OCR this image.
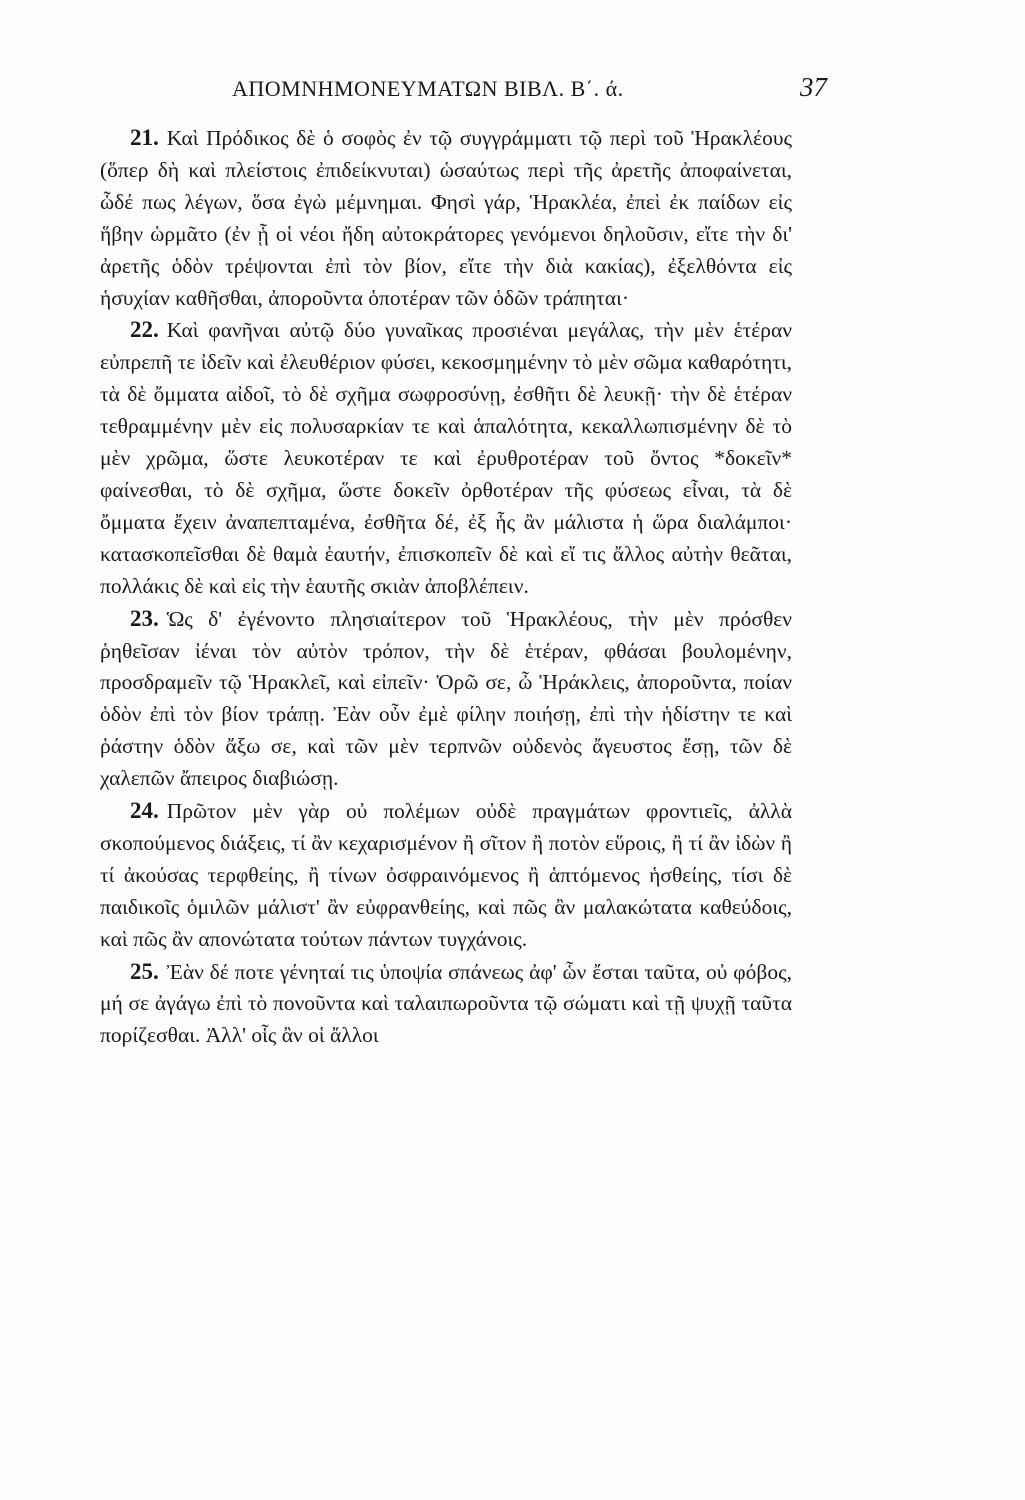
ΑΠΟΜΝΗΜΟΝΕΥΜΑΤΩΝ ΒΙΒΛ. Β΄. ά.	37

21. Καὶ Πρόδικος δὲ ὁ σοφὸς ἐν τῷ συγγράμματι τῷ περὶ τοῦ Ἡρακλέους (ὅπερ δὴ καὶ πλείστοις ἐπιδείκνυται) ὡσαύτως περὶ τῆς ἀρετῆς ἀποφαίνεται, ὧδέ πως λέγων, ὅσα ἐγὼ μέμνημαι. Φησὶ γάρ, Ἡρακλέα, ἐπεὶ ἐκ παίδων εἰς ἥβην ὡρμᾶτο (ἐν ᾗ οἱ νέοι ἤδη αὐτοκράτορες γενόμενοι δηλοῦσιν, εἴτε τὴν δι' ἀρετῆς ὁδὸν τρέψονται ἐπὶ τὸν βίον, εἴτε τὴν διὰ κακίας), ἐξελθόντα εἰς ἡσυχίαν καθῆσθαι, ἀποροῦντα ὁποτέραν τῶν ὁδῶν τράπηται·

22. Καὶ φανῆναι αὐτῷ δύο γυναῖκας προσιέναι μεγάλας, τὴν μὲν ἑτέραν εὐπρεπῆ τε ἰδεῖν καὶ ἐλευθέριον φύσει, κεκοσμημένην τὸ μὲν σῶμα καθαρότητι, τὰ δὲ ὄμματα αἰδοῖ, τὸ δὲ σχῆμα σωφροσύνῃ, ἐσθῆτι δὲ λευκῇ· τὴν δὲ ἑτέραν τεθραμμένην μὲν εἰς πολυσαρκίαν τε καὶ ἁπαλότητα, κεκαλλωπισμένην δὲ τὸ μὲν χρῶμα, ὥστε λευκοτέραν τε καὶ ἐρυθροτέραν τοῦ ὄντος *δοκεῖν* φαίνεσθαι, τὸ δὲ σχῆμα, ὥστε δοκεῖν ὀρθοτέραν τῆς φύσεως εἶναι, τὰ δὲ ὄμματα ἔχειν ἀναπεπταμένα, ἐσθῆτα δέ, ἐξ ἧς ἂν μάλιστα ἡ ὥρα διαλάμποι· κατασκοπεῖσθαι δὲ θαμὰ ἑαυτήν, ἐπισκοπεῖν δὲ καὶ εἴ τις ἄλλος αὐτὴν θεᾶται, πολλάκις δὲ καὶ εἰς τὴν ἑαυτῆς σκιὰν ἀποβλέπειν.

23. Ὡς δ' ἐγένοντο πλησιαίτερον τοῦ Ἡρακλέους, τὴν μὲν πρόσθεν ῥηθεῖσαν ἰέναι τὸν αὐτὸν τρόπον, τὴν δὲ ἑτέραν, φθάσαι βουλομένην, προσδραμεῖν τῷ Ἡρακλεῖ, καὶ εἰπεῖν· Ὁρῶ σε, ὦ Ἡράκλεις, ἀποροῦντα, ποίαν ὁδὸν ἐπὶ τὸν βίον τράπῃ. Ἐὰν οὖν ἐμὲ φίλην ποιήσῃ, ἐπὶ τὴν ἡδίστην τε καὶ ῥάστην ὁδὸν ἄξω σε, καὶ τῶν μὲν τερπνῶν οὐδενὸς ἄγευστος ἔσῃ, τῶν δὲ χαλεπῶν ἄπειρος διαβιώσῃ.

24. Πρῶτον μὲν γὰρ οὐ πολέμων οὐδὲ πραγμάτων φροντιεῖς, ἀλλὰ σκοπούμενος διάξεις, τί ἂν κεχαρισμένον ἢ σῖτον ἢ ποτὸν εὕροις, ἢ τί ἂν ἰδὼν ἢ τί ἀκούσας τερφθείης, ἢ τίνων ὀσφραινόμενος ἢ ἁπτόμενος ἡσθείης, τίσι δὲ παιδικοῖς ὁμιλῶν μάλιστ' ἂν εὐφρανθείης, καὶ πῶς ἂν μαλακώτατα καθεύδοις, καὶ πῶς ἂν απονώτατα τούτων πάντων τυγχάνοις.

25. Ἐὰν δέ ποτε γένηταί τις ὑποψία σπάνεως ἀφ' ὧν ἔσται ταῦτα, οὐ φόβος, μή σε ἀγάγω ἐπὶ τὸ πονοῦντα καὶ ταλαιπωροῦντα τῷ σώματι καὶ τῇ ψυχῇ ταῦτα πορίζεσθαι. Ἀλλ' οἷς ἂν οἱ ἄλλοι
